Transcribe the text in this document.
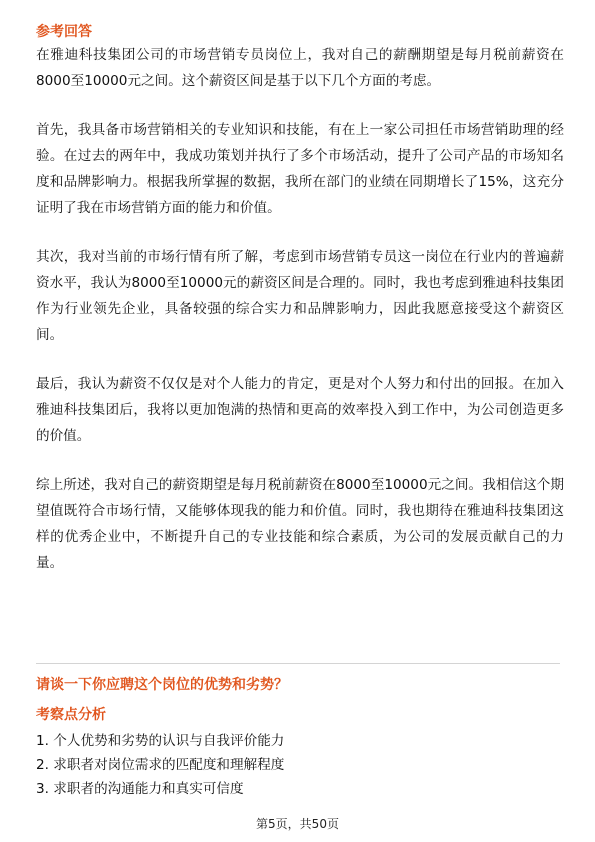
参考回答

在雅迪科技集团公司的市场营销专员岗位上，我对自己的薪酬期望是每月税前薪资在8000至10000元之间。这个薪资区间是基于以下几个方面的考虑。

首先，我具备市场营销相关的专业知识和技能，有在上一家公司担任市场营销助理的经验。在过去的两年中，我成功策划并执行了多个市场活动，提升了公司产品的市场知名度和品牌影响力。根据我所掌握的数据，我所在部门的业绩在同期增长了15%，这充分证明了我在市场营销方面的能力和价值。

其次，我对当前的市场行情有所了解，考虑到市场营销专员这一岗位在行业内的普遍薪资水平，我认为8000至10000元的薪资区间是合理的。同时，我也考虑到雅迪科技集团作为行业领先企业，具备较强的综合实力和品牌影响力，因此我愿意接受这个薪资区间。

最后，我认为薪资不仅仅是对个人能力的肯定，更是对个人努力和付出的回报。在加入雅迪科技集团后，我将以更加饱满的热情和更高的效率投入到工作中，为公司创造更多的价值。

综上所述，我对自己的薪资期望是每月税前薪资在8000至10000元之间。我相信这个期望值既符合市场行情，又能够体现我的能力和价值。同时，我也期待在雅迪科技集团这样的优秀企业中，不断提升自己的专业技能和综合素质，为公司的发展贡献自己的力量。

请谈一下你应聘这个岗位的优势和劣势？
考察点分析
1. 个人优势和劣势的认识与自我评价能力
2. 求职者对岗位需求的匹配度和理解程度
3. 求职者的沟通能力和真实可信度
第5页，共50页
